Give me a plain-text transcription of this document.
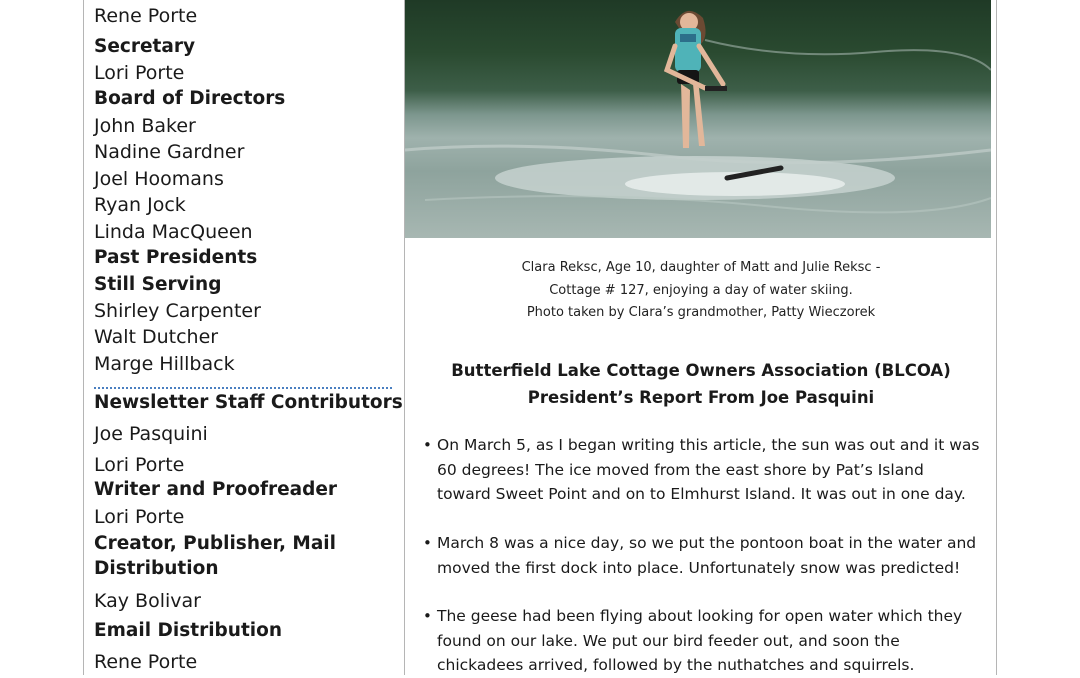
Rene Porte
Secretary
Lori Porte
Board of Directors
John Baker
Nadine Gardner
Joel Hoomans
Ryan Jock
Linda MacQueen
Past Presidents
Still Serving
Shirley Carpenter
Walt Dutcher
Marge Hillback
Newsletter Staff Contributors
Joe Pasquini
Lori Porte
Writer and Proofreader
Lori Porte
Creator, Publisher, Mail
Distribution
Kay Bolivar
Email Distribution
Rene Porte
Clara Reksc, Age 10, daughter of Matt and Julie Reksc -
Cottage # 127, enjoying a day of water skiing.
Photo taken by Clara’s grandmother, Patty Wieczorek
Butterfield Lake Cottage Owners Association (BLCOA)
President’s Report From Joe Pasquini
• On March 5, as I began writing this article, the sun was out and it was
60 degrees! The ice moved from the east shore by Pat’s Island
toward Sweet Point and on to Elmhurst Island. It was out in one day.
• March 8 was a nice day, so we put the pontoon boat in the water and
moved the first dock into place. Unfortunately snow was predicted!
• The geese had been flying about looking for open water which they
found on our lake. We put our bird feeder out, and soon the
chickadees arrived, followed by the nuthatches and squirrels.
